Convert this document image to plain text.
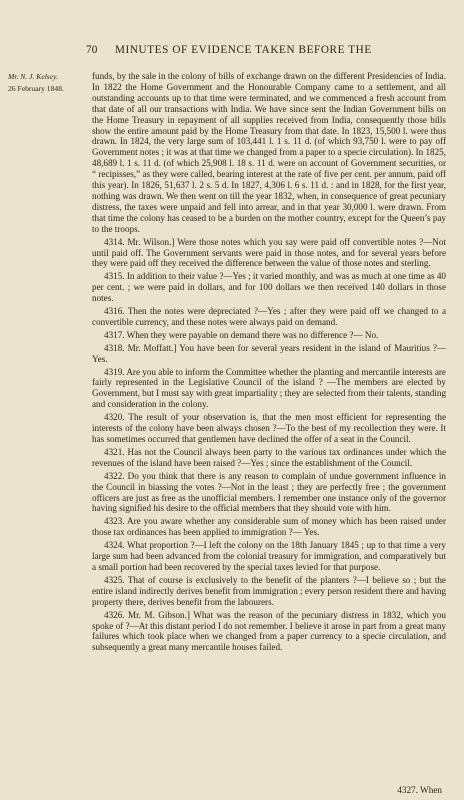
70 MINUTES OF EVIDENCE TAKEN BEFORE THE
Mr. N. J. Kelsey.
26 February 1848.

funds, by the sale in the colony of bills of exchange drawn on the different Presidencies of India. In 1822 the Home Government and the Honourable Company came to a settlement, and all outstanding accounts up to that time were terminated, and we commenced a fresh account from that date of all our transactions with India. We have since sent the Indian Government bills on the Home Treasury in repayment of all supplies received from India, consequently those bills show the entire amount paid by the Home Treasury from that date. In 1823, 15,500 l. were thus drawn. In 1824, the very large sum of 103,441 l. 1 s. 11 d. (of which 93,750 l. were to pay off Government notes ; it was at that time we changed from a paper to a specie circulation). In 1825, 48,689 l. 1 s. 11 d. (of which 25,908 l. 18 s. 11 d. were on account of Government securities, or “ recipisses,” as they were called, bearing interest at the rate of five per cent. per annum, paid off this year). In 1826, 51,637 l. 2 s. 5 d. In 1827, 4,306 l. 6 s. 11 d. : and in 1828, for the first year, nothing was drawn. We then went on till the year 1832, when, in consequence of great pecuniary distress, the taxes were unpaid and fell into arrear, and in that year 30,000 l. were drawn. From that time the colony has ceased to be a burden on the mother country, except for the Queen’s pay to the troops.

4314. Mr. Wilson.] Were those notes which you say were paid off convertible notes ?—Not until paid off. The Government servants were paid in those notes, and for several years before they were paid off they received the difference between the value of those notes and sterling.

4315. In addition to their value ?—Yes ; it varied monthly, and was as much at one time as 40 per cent. ; we were paid in dollars, and for 100 dollars we then received 140 dollars in those notes.

4316. Then the notes were depreciated ?—Yes ; after they were paid off we changed to a convertible currency, and these notes were always paid on demand.

4317. When they were payable on demand there was no difference ?— No.

4318. Mr. Moffatt.] You have been for several years resident in the island of Mauritius ?—Yes.

4319. Are you able to inform the Committee whether the planting and mercantile interests are fairly represented in the Legislative Council of the island ? —The members are elected by Government, but I must say with great impartiality ; they are selected from their talents, standing and consideration in the colony.

4320. The result of your observation is, that the men most efficient for representing the interests of the colony have been always chosen ?—To the best of my recollection they were. It has sometimes occurred that gentlemen have declined the offer of a seat in the Council.

4321. Has not the Council always been party to the various tax ordinances under which the revenues of the island have been raised ?—Yes ; since the establishment of the Council.

4322. Do you think that there is any reason to complain of undue government influence in the Council in biassing the votes ?—Not in the least ; they are perfectly free ; the government officers are just as free as the unofficial members. I remember one instance only of the governor having signified his desire to the official members that they should vote with him.

4323. Are you aware whether any considerable sum of money which has been raised under those tax ordinances has been applied to immigration ?— Yes.

4324. What proportion ?—I left the colony on the 18th January 1845 ; up to that time a very large sum had been advanced from the colonial treasury for immigration, and comparatively but a small portion had been recovered by the special taxes levied for that purpose.

4325. That of course is exclusively to the benefit of the planters ?—I believe so ; but the entire island indirectly derives benefit from immigration ; every person resident there and having property there, derives benefit from the labourers.

4326. Mr. M. Gibson.] What was the reason of the pecuniary distress in 1832, which you spoke of ?—At this distant period I do not remember. I believe it arose in part from a great many failures which took place when we changed from a paper currency to a specie circulation, and subsequently a great many mercantile houses failed.

4327. When
